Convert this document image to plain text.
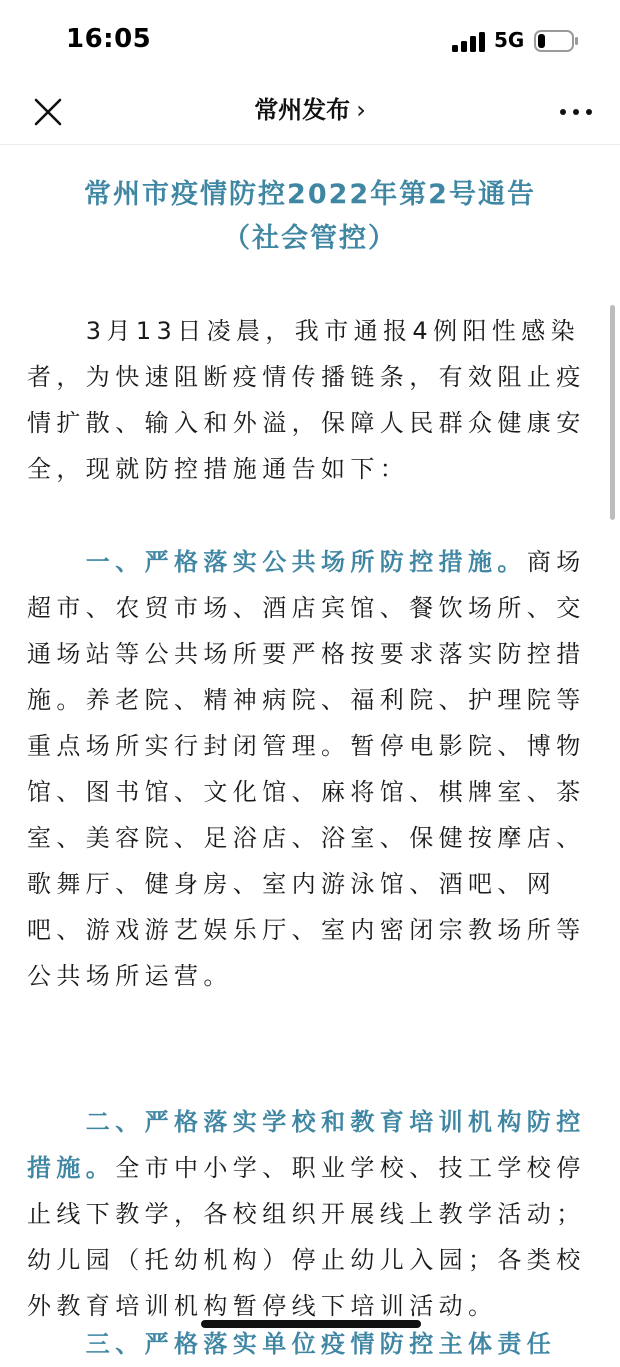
16:05	5G
常州发布 ›
常州市疫情防控2022年第2号通告
（社会管控）
　　3月13日凌晨，我市通报4例阳性感染
者，为快速阻断疫情传播链条，有效阻止疫
情扩散、输入和外溢，保障人民群众健康安
全，现就防控措施通告如下：
　　一、严格落实公共场所防控措施。商场
超市、农贸市场、酒店宾馆、餐饮场所、交
通场站等公共场所要严格按要求落实防控措
施。养老院、精神病院、福利院、护理院等
重点场所实行封闭管理。暂停电影院、博物
馆、图书馆、文化馆、麻将馆、棋牌室、茶
室、美容院、足浴店、浴室、保健按摩店、
歌舞厅、健身房、室内游泳馆、酒吧、网
吧、游戏游艺娱乐厅、室内密闭宗教场所等
公共场所运营。
　　二、严格落实学校和教育培训机构防控
措施。全市中小学、职业学校、技工学校停
止线下教学，各校组织开展线上教学活动；
幼儿园（托幼机构）停止幼儿入园；各类校
外教育培训机构暂停线下培训活动。
　　三、严格落实单位疫情防控主体责任
